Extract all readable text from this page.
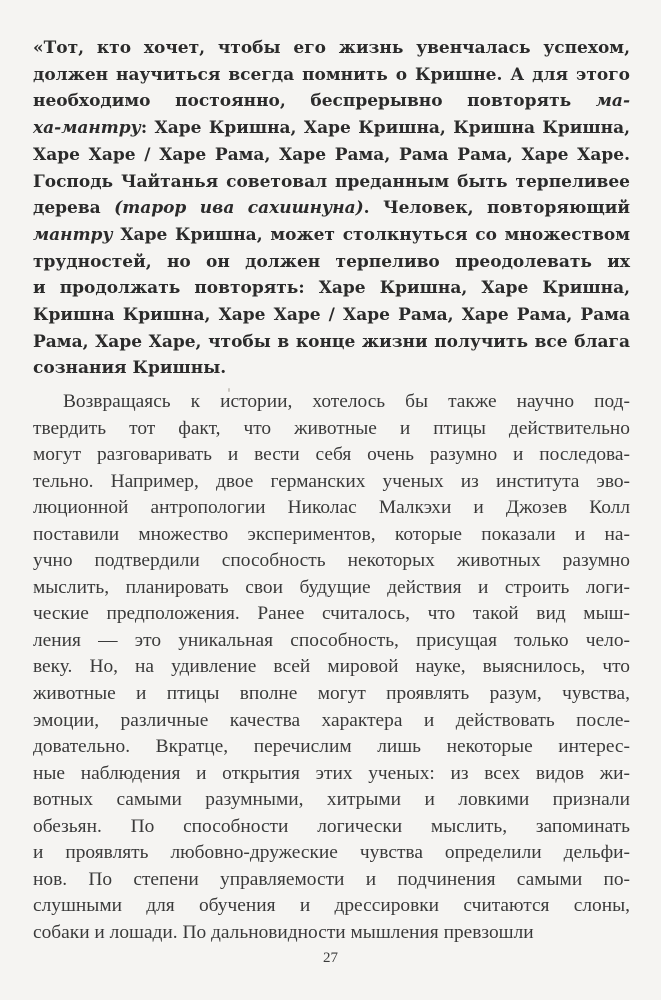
«Тот, кто хочет, чтобы его жизнь увенчалась успехом,
должен научиться всегда помнить о Кришне. А для этого
необходимо постоянно, беспрерывно повторять ма-
ха-мантру: Харе Кришна, Харе Кришна, Кришна Кришна,
Харе Харе / Харе Рама, Харе Рама, Рама Рама, Харе Харе.
Господь Чайтанья советовал преданным быть терпеливее
дерева (тарор ива сахишнуна). Человек, повторяющий
мантру Харе Кришна, может столкнуться со множеством
трудностей, но он должен терпеливо преодолевать их
и продолжать повторять: Харе Кришна, Харе Кришна,
Кришна Кришна, Харе Харе / Харе Рама, Харе Рама, Рама
Рама, Харе Харе, чтобы в конце жизни получить все блага
сознания Кришны.
Возвращаясь к истории, хотелось бы также научно под-
твердить тот факт, что животные и птицы действительно
могут разговаривать и вести себя очень разумно и последова-
тельно. Например, двое германских ученых из института эво-
люционной антропологии Николас Малкэхи и Джозев Колл
поставили множество экспериментов, которые показали и на-
учно подтвердили способность некоторых животных разумно
мыслить, планировать свои будущие действия и строить логи-
ческие предположения. Ранее считалось, что такой вид мыш-
ления — это уникальная способность, присущая только чело-
веку. Но, на удивление всей мировой науке, выяснилось, что
животные и птицы вполне могут проявлять разум, чувства,
эмоции, различные качества характера и действовать после-
довательно. Вкратце, перечислим лишь некоторые интерес-
ные наблюдения и открытия этих ученых: из всех видов жи-
вотных самыми разумными, хитрыми и ловкими признали
обезьян. По способности логически мыслить, запоминать
и проявлять любовно-дружеские чувства определили дельфи-
нов. По степени управляемости и подчинения самыми по-
слушными для обучения и дрессировки считаются слоны,
собаки и лошади. По дальновидности мышления превзошли
27
